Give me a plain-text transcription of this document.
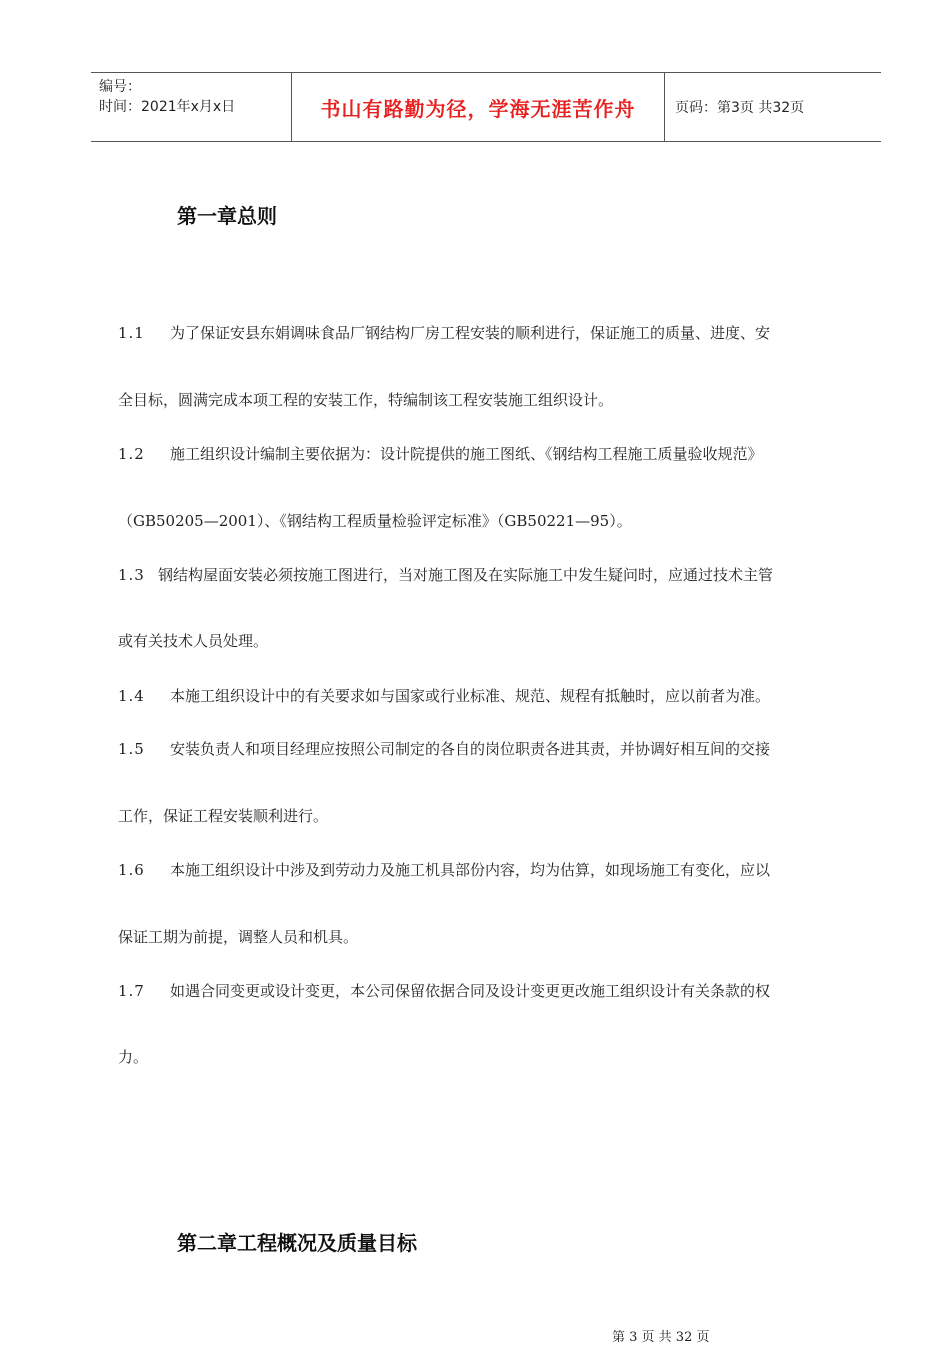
编号：
时间：2021年x月x日	书山有路勤为径，学海无涯苦作舟	页码：第3页 共32页
第一章总则
1.1 为了保证安县东娟调味食品厂钢结构厂房工程安装的顺利进行，保证施工的质量、进度、安
全目标，圆满完成本项工程的安装工作，特编制该工程安装施工组织设计。
1.2 施工组织设计编制主要依据为：设计院提供的施工图纸、《钢结构工程施工质量验收规范》
（GB50205—2001）、《钢结构工程质量检验评定标准》（GB50221—95）。
1.3 钢结构屋面安装必须按施工图进行，当对施工图及在实际施工中发生疑问时，应通过技术主管
或有关技术人员处理。
1.4 本施工组织设计中的有关要求如与国家或行业标准、规范、规程有抵触时，应以前者为准。
1.5 安装负责人和项目经理应按照公司制定的各自的岗位职责各进其责，并协调好相互间的交接
工作，保证工程安装顺利进行。
1.6 本施工组织设计中涉及到劳动力及施工机具部份内容，均为估算，如现场施工有变化，应以
保证工期为前提，调整人员和机具。
1.7 如遇合同变更或设计变更，本公司保留依据合同及设计变更更改施工组织设计有关条款的权
力。
第二章工程概况及质量目标
第 3 页 共 32 页
